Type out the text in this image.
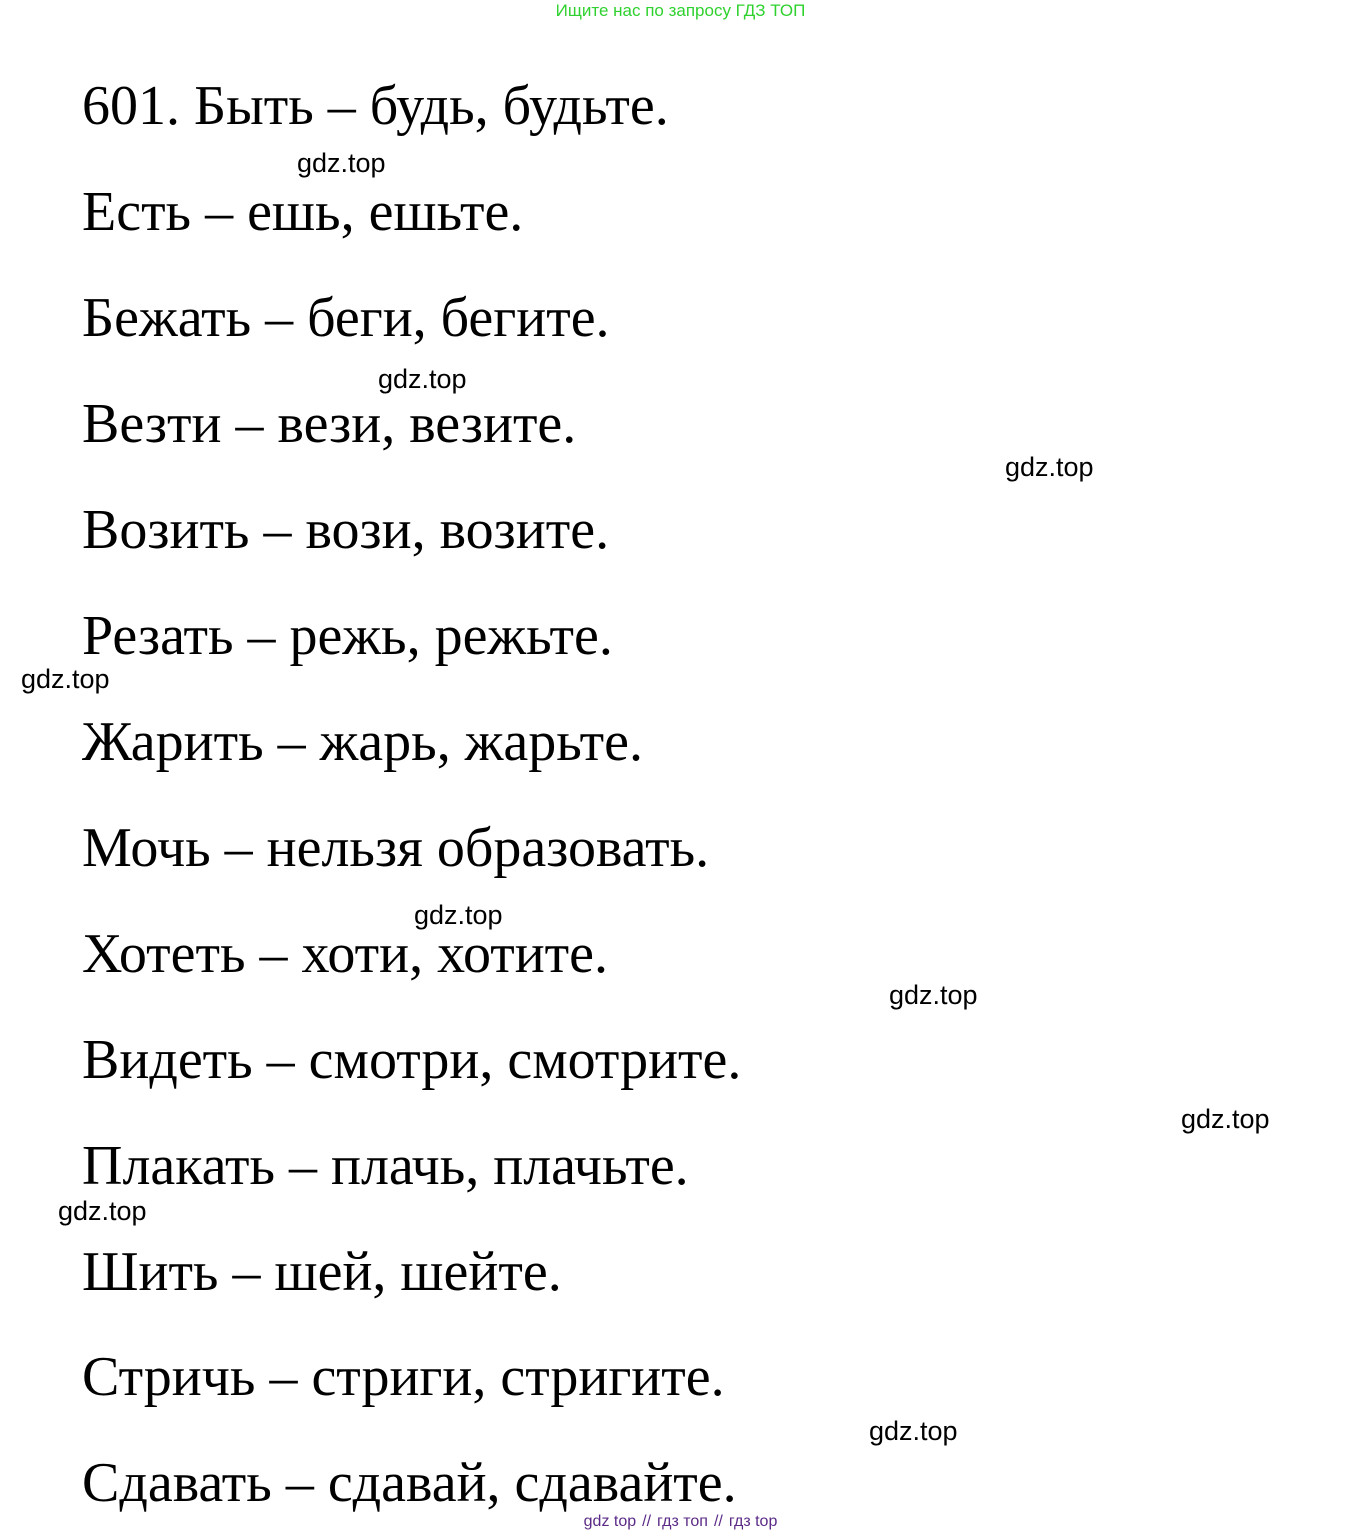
Ищите нас по запросу ГДЗ ТОП
601. Быть – будь, будьте.
Есть – ешь, ешьте.
Бежать – беги, бегите.
Везти – вези, везите.
Возить – вози, возите.
Резать – режь, режьте.
Жарить – жарь, жарьте.
Мочь – нельзя образовать.
Хотеть – хоти, хотите.
Видеть – смотри, смотрите.
Плакать – плачь, плачьте.
Шить – шей, шейте.
Стричь – стриги, стригите.
Сдавать – сдавай, сдавайте.
gdz.top
gdz.top
gdz.top
gdz.top
gdz.top
gdz.top
gdz.top
gdz.top
gdz.top
gdz top // гдз топ // гдз top
